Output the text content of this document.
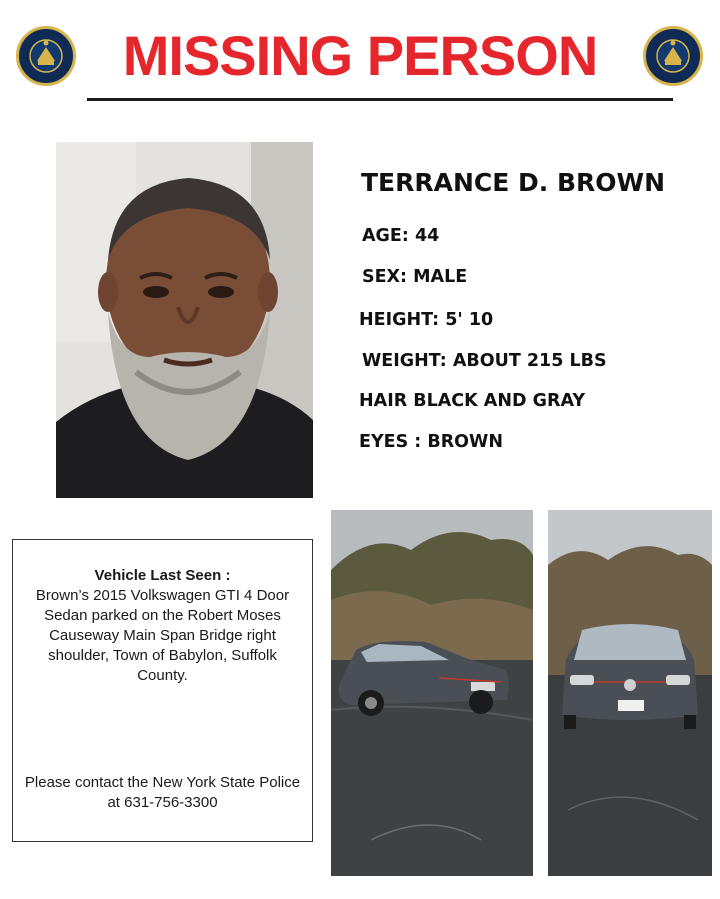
MISSING PERSON
TERRANCE D. BROWN
AGE: 44
SEX: MALE
HEIGHT: 5' 10
WEIGHT: ABOUT 215 LBS
HAIR BLACK AND GRAY
EYES : BROWN
Vehicle Last Seen :
Brown’s 2015 Volkswagen GTI 4 Door Sedan parked on the Robert Moses Causeway Main Span Bridge right shoulder, Town of Babylon, Suffolk County.
Please contact the New York State Police at 631-756-3300
